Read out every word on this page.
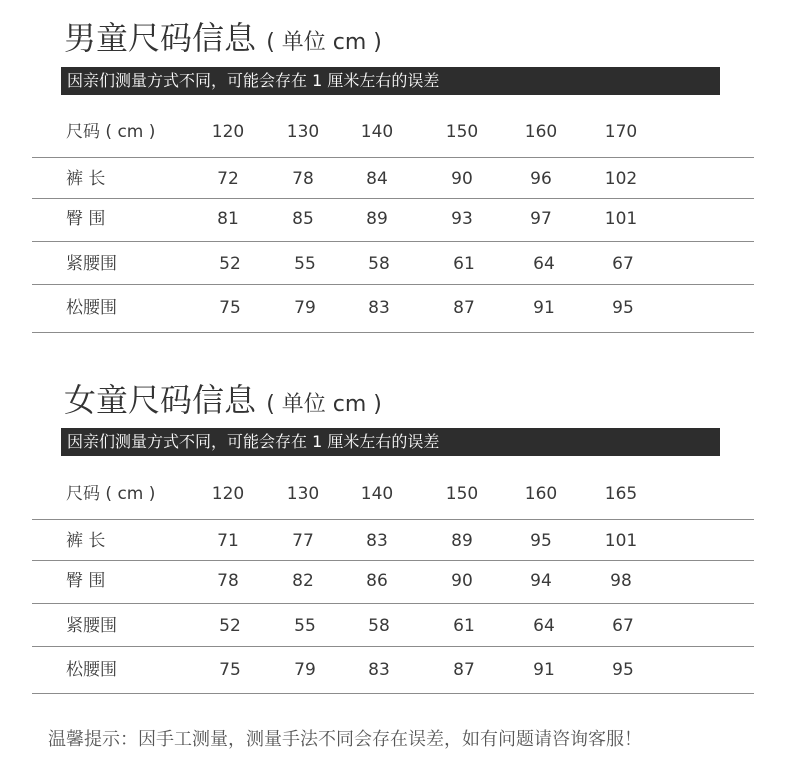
男童尺码信息 ( 单位 cm )
因亲们测量方式不同，可能会存在 1 厘米左右的误差
尺码 ( cm )	120	130	140	150	160	170
裤 长	72	78	84	90	96	102
臀 围	81	85	89	93	97	101
紧腰围	52	55	58	61	64	67
松腰围	75	79	83	87	91	95
女童尺码信息 ( 单位 cm )
因亲们测量方式不同，可能会存在 1 厘米左右的误差
尺码 ( cm )	120	130	140	150	160	165
裤 长	71	77	83	89	95	101
臀 围	78	82	86	90	94	98
紧腰围	52	55	58	61	64	67
松腰围	75	79	83	87	91	95
温馨提示：因手工测量，测量手法不同会存在误差，如有问题请咨询客服！
